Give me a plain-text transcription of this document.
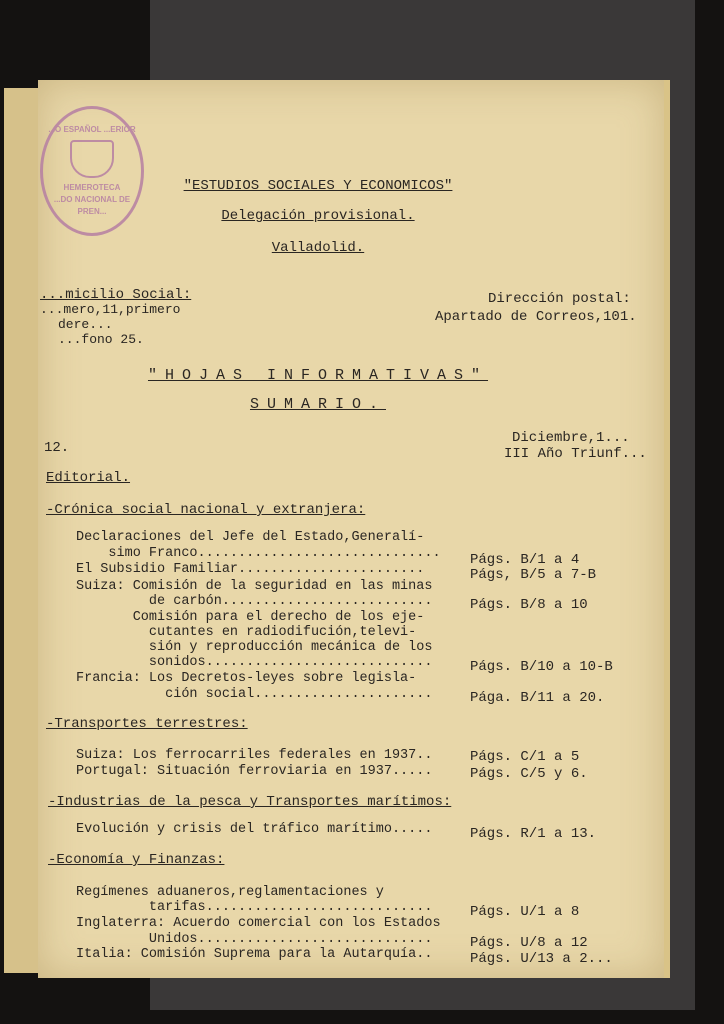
...O ESPAÑOL ...ERIOR
HEMEROTECA
...DO NACIONAL DE PREN...
"ESTUDIOS SOCIALES Y ECONOMICOS"
Delegación provisional.
Valladolid.
...micilio Social:
...mero,11,primero
dere...
...fono 25.
Dirección postal:
Apartado de Correos,101.
"HOJAS INFORMATIVAS"
SUMARIO.
12.
Diciembre,1...
III Año Triunf...
Editorial.
-Crónica social nacional y extranjera:
Declaraciones del Jefe del Estado,Generalí-
simo Franco.............................. Págs. B/1 a 4
El Subsidio Familiar.......................	Págs, B/5 a 7-B
Suiza: Comisión de la seguridad en las minas
de carbón..........................	Págs. B/8 a 10
Comisión para el derecho de los eje-
cutantes en radiodifución,televi-
sión y reproducción mecánica de los
sonidos............................	Págs. B/10 a 10-B
Francia: Los Decretos-leyes sobre legisla-
ción social......................	Pága. B/11 a 20.
-Transportes terrestres:
Suiza: Los ferrocarriles federales en 1937..	Págs. C/1 a 5
Portugal: Situación ferroviaria en 1937.....	Págs. C/5 y 6.
-Industrias de la pesca y Transportes marítimos:
Evolución y crisis del tráfico marítimo.....	Págs. R/1 a 13.
-Economía y Finanzas:
Regímenes aduaneros,reglamentaciones y
tarifas............................	Págs. U/1 a 8
Inglaterra: Acuerdo comercial con los Estados
Unidos.............................	Págs. U/8 a 12
Italia: Comisión Suprema para la Autarquía..	Págs. U/13 a 2...
